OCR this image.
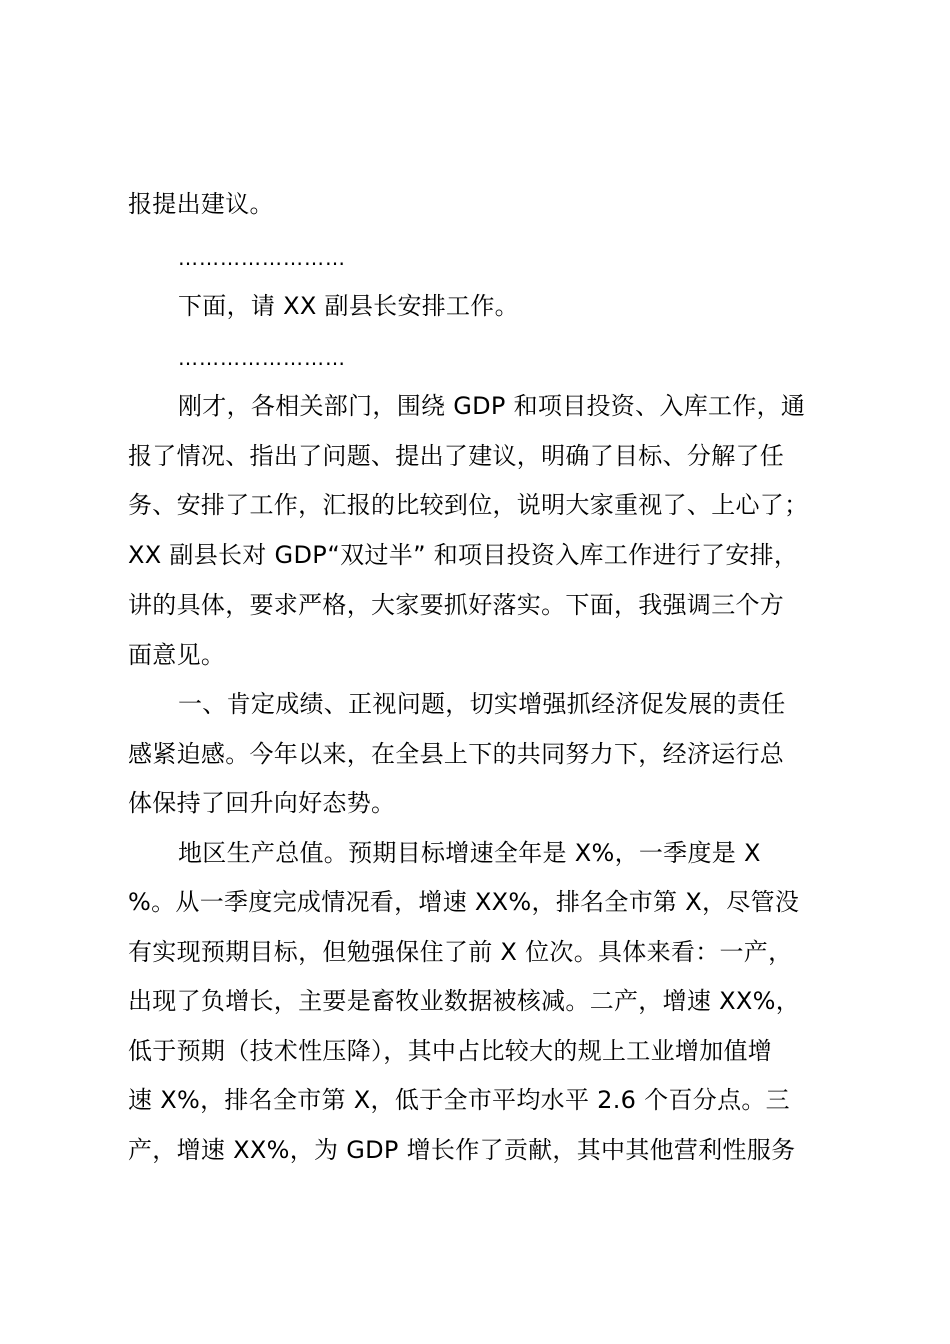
报提出建议。
……………………
下面，请 XX 副县长安排工作。
……………………
刚才，各相关部门，围绕 GDP 和项目投资、入库工作，通
报了情况、指出了问题、提出了建议，明确了目标、分解了任
务、安排了工作，汇报的比较到位，说明大家重视了、上心了；
XX 副县长对 GDP“双过半” 和项目投资入库工作进行了安排，
讲的具体，要求严格，大家要抓好落实。下面，我强调三个方
面意见。
一、肯定成绩、正视问题，切实增强抓经济促发展的责任
感紧迫感。今年以来，在全县上下的共同努力下，经济运行总
体保持了回升向好态势。
地区生产总值。预期目标增速全年是 X%，一季度是 X
%。从一季度完成情况看，增速 XX%，排名全市第 X，尽管没
有实现预期目标，但勉强保住了前 X 位次。具体来看：一产，
出现了负增长，主要是畜牧业数据被核减。二产，增速 XX%，
低于预期（技术性压降），其中占比较大的规上工业增加值增
速 X%，排名全市第 X，低于全市平均水平 2.6 个百分点。三
产，增速 XX%，为 GDP 增长作了贡献，其中其他营利性服务
